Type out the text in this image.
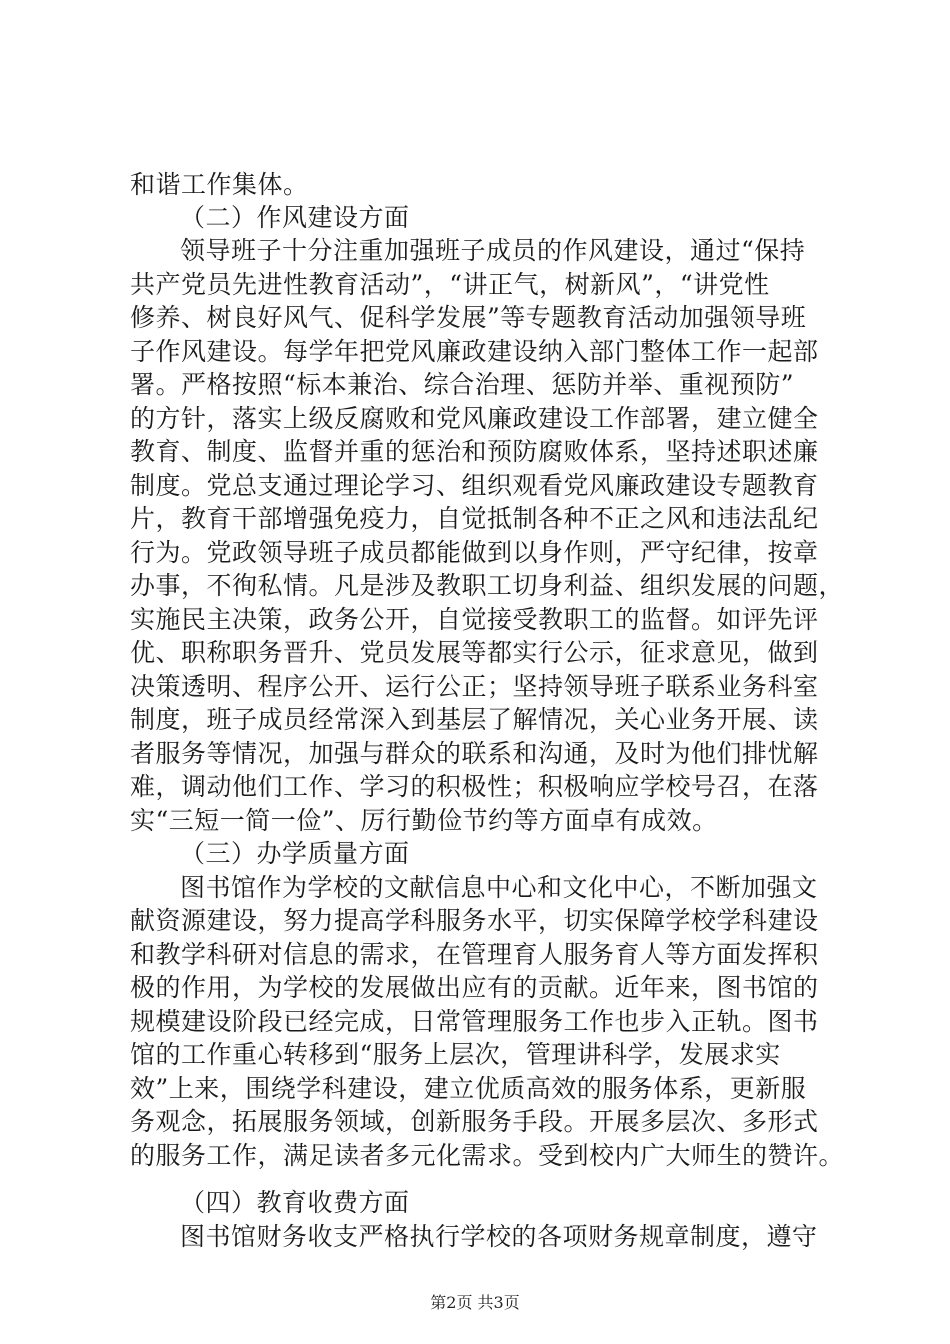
和谐工作集体。
（二）作风建设方面
领导班子十分注重加强班子成员的作风建设，通过“保持
共产党员先进性教育活动”，“讲正气，树新风”，“讲党性
修养、树良好风气、促科学发展”等专题教育活动加强领导班
子作风建设。每学年把党风廉政建设纳入部门整体工作一起部
署。严格按照“标本兼治、综合治理、惩防并举、重视预防”
的方针，落实上级反腐败和党风廉政建设工作部署，建立健全
教育、制度、监督并重的惩治和预防腐败体系，坚持述职述廉
制度。党总支通过理论学习、组织观看党风廉政建设专题教育
片，教育干部增强免疫力，自觉抵制各种不正之风和违法乱纪
行为。党政领导班子成员都能做到以身作则，严守纪律，按章
办事，不徇私情。凡是涉及教职工切身利益、组织发展的问题，
实施民主决策，政务公开，自觉接受教职工的监督。如评先评
优、职称职务晋升、党员发展等都实行公示，征求意见，做到
决策透明、程序公开、运行公正；坚持领导班子联系业务科室
制度，班子成员经常深入到基层了解情况，关心业务开展、读
者服务等情况，加强与群众的联系和沟通，及时为他们排忧解
难，调动他们工作、学习的积极性；积极响应学校号召，在落
实“三短一简一俭”、厉行勤俭节约等方面卓有成效。
（三）办学质量方面
图书馆作为学校的文献信息中心和文化中心，不断加强文
献资源建设，努力提高学科服务水平，切实保障学校学科建设
和教学科研对信息的需求，在管理育人服务育人等方面发挥积
极的作用，为学校的发展做出应有的贡献。近年来，图书馆的
规模建设阶段已经完成，日常管理服务工作也步入正轨。图书
馆的工作重心转移到“服务上层次，管理讲科学，发展求实
效”上来，围绕学科建设，建立优质高效的服务体系，更新服
务观念，拓展服务领域，创新服务手段。开展多层次、多形式
的服务工作，满足读者多元化需求。受到校内广大师生的赞许。
（四）教育收费方面
图书馆财务收支严格执行学校的各项财务规章制度，遵守
第2页 共3页
